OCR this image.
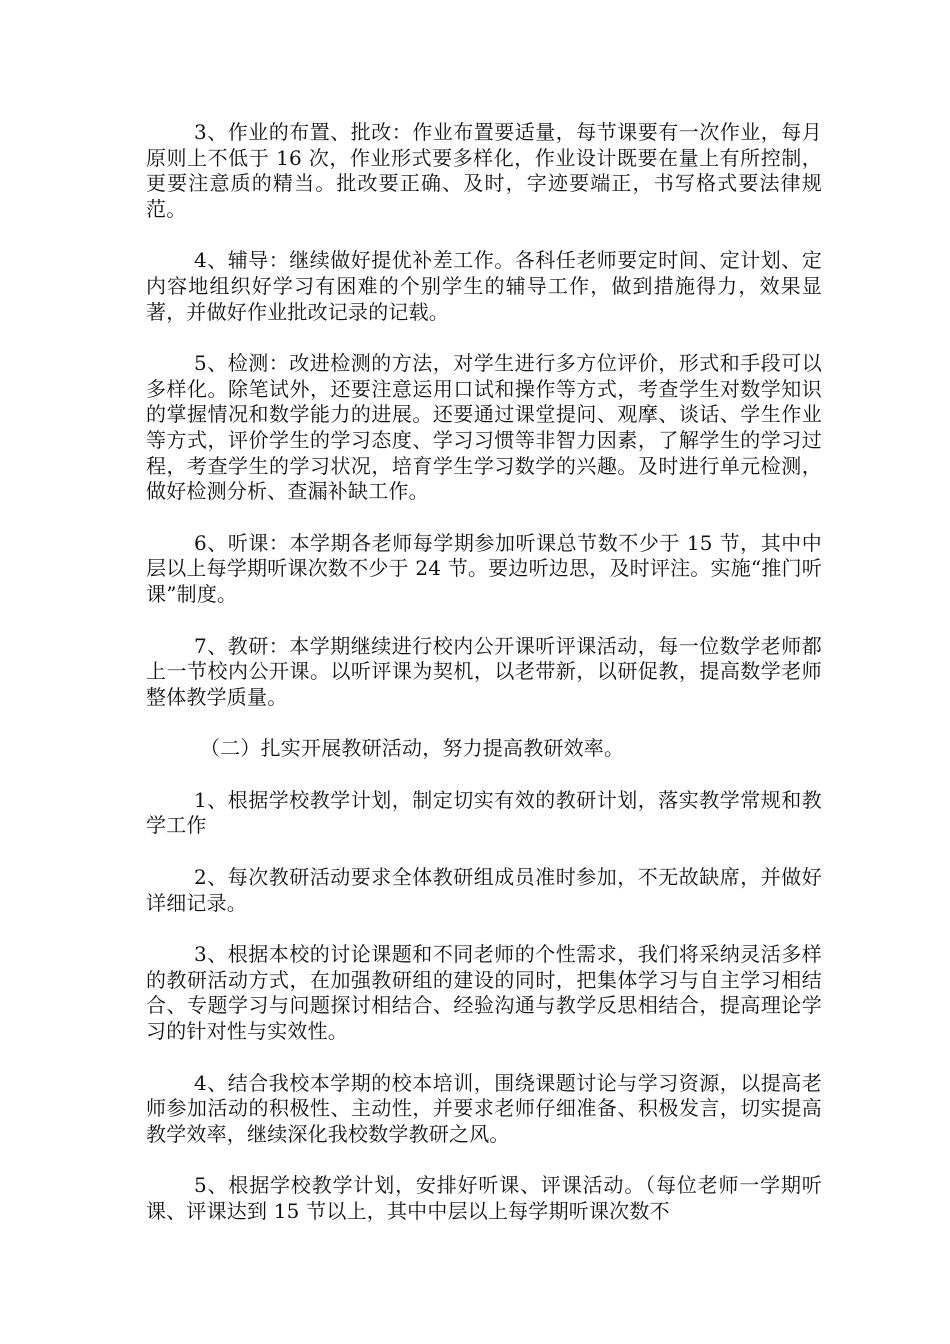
3、作业的布置、批改：作业布置要适量，每节课要有一次作业，每月原则上不低于 16 次，作业形式要多样化，作业设计既要在量上有所控制，更要注意质的精当。批改要正确、及时，字迹要端正，书写格式要法律规范。

4、辅导：继续做好提优补差工作。各科任老师要定时间、定计划、定内容地组织好学习有困难的个别学生的辅导工作，做到措施得力，效果显著，并做好作业批改记录的记载。

5、检测：改进检测的方法，对学生进行多方位评价，形式和手段可以多样化。除笔试外，还要注意运用口试和操作等方式，考查学生对数学知识的掌握情况和数学能力的进展。还要通过课堂提问、观摩、谈话、学生作业等方式，评价学生的学习态度、学习习惯等非智力因素，了解学生的学习过程，考查学生的学习状况，培育学生学习数学的兴趣。及时进行单元检测，做好检测分析、查漏补缺工作。

6、听课：本学期各老师每学期参加听课总节数不少于 15 节，其中中层以上每学期听课次数不少于 24 节。要边听边思，及时评注。实施“推门听课”制度。

7、教研：本学期继续进行校内公开课听评课活动，每一位数学老师都上一节校内公开课。以听评课为契机，以老带新，以研促教，提高数学老师整体教学质量。

（二）扎实开展教研活动，努力提高教研效率。

1、根据学校教学计划，制定切实有效的教研计划，落实教学常规和教学工作

2、每次教研活动要求全体教研组成员准时参加，不无故缺席，并做好详细记录。

3、根据本校的讨论课题和不同老师的个性需求，我们将采纳灵活多样的教研活动方式，在加强教研组的建设的同时，把集体学习与自主学习相结合、专题学习与问题探讨相结合、经验沟通与教学反思相结合，提高理论学习的针对性与实效性。

4、结合我校本学期的校本培训，围绕课题讨论与学习资源，以提高老师参加活动的积极性、主动性，并要求老师仔细准备、积极发言，切实提高教学效率，继续深化我校数学教研之风。

5、根据学校教学计划，安排好听课、评课活动。（每位老师一学期听课、评课达到 15 节以上，其中中层以上每学期听课次数不
